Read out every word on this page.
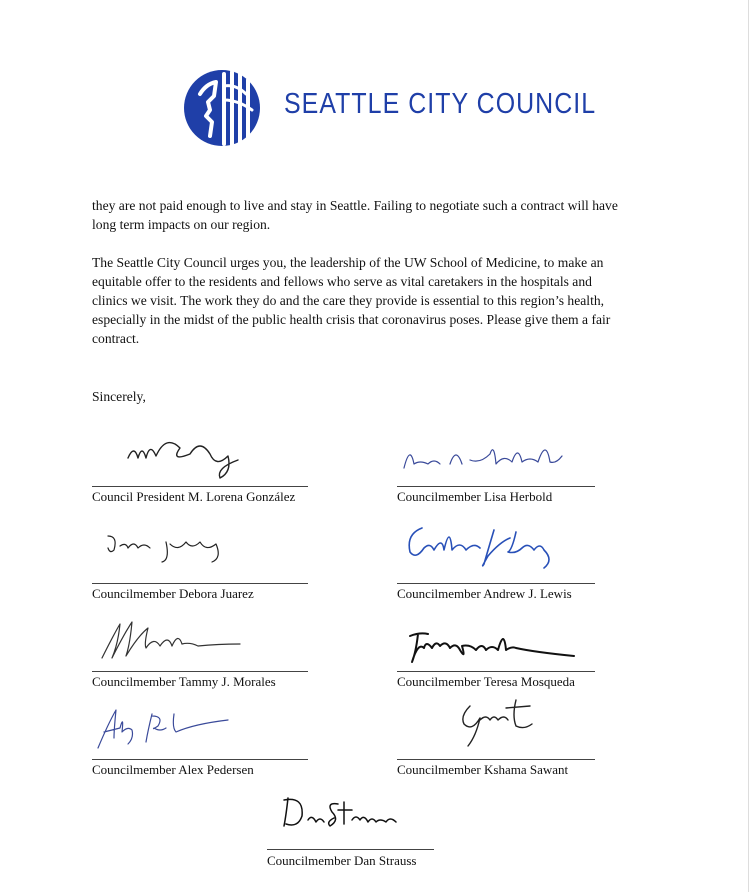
SEATTLE CITY COUNCIL
they are not paid enough to live and stay in Seattle. Failing to negotiate such a contract will have
long term impacts on our region.
The Seattle City Council urges you, the leadership of the UW School of Medicine, to make an
equitable offer to the residents and fellows who serve as vital caretakers in the hospitals and
clinics we visit. The work they do and the care they provide is essential to this region’s health,
especially in the midst of the public health crisis that coronavirus poses. Please give them a fair
contract.
Sincerely,
Council President M. Lorena González	Councilmember Lisa Herbold
Councilmember Debora Juarez	Councilmember Andrew J. Lewis
Councilmember Tammy J. Morales	Councilmember Teresa Mosqueda
Councilmember Alex Pedersen	Councilmember Kshama Sawant
Councilmember Dan Strauss
